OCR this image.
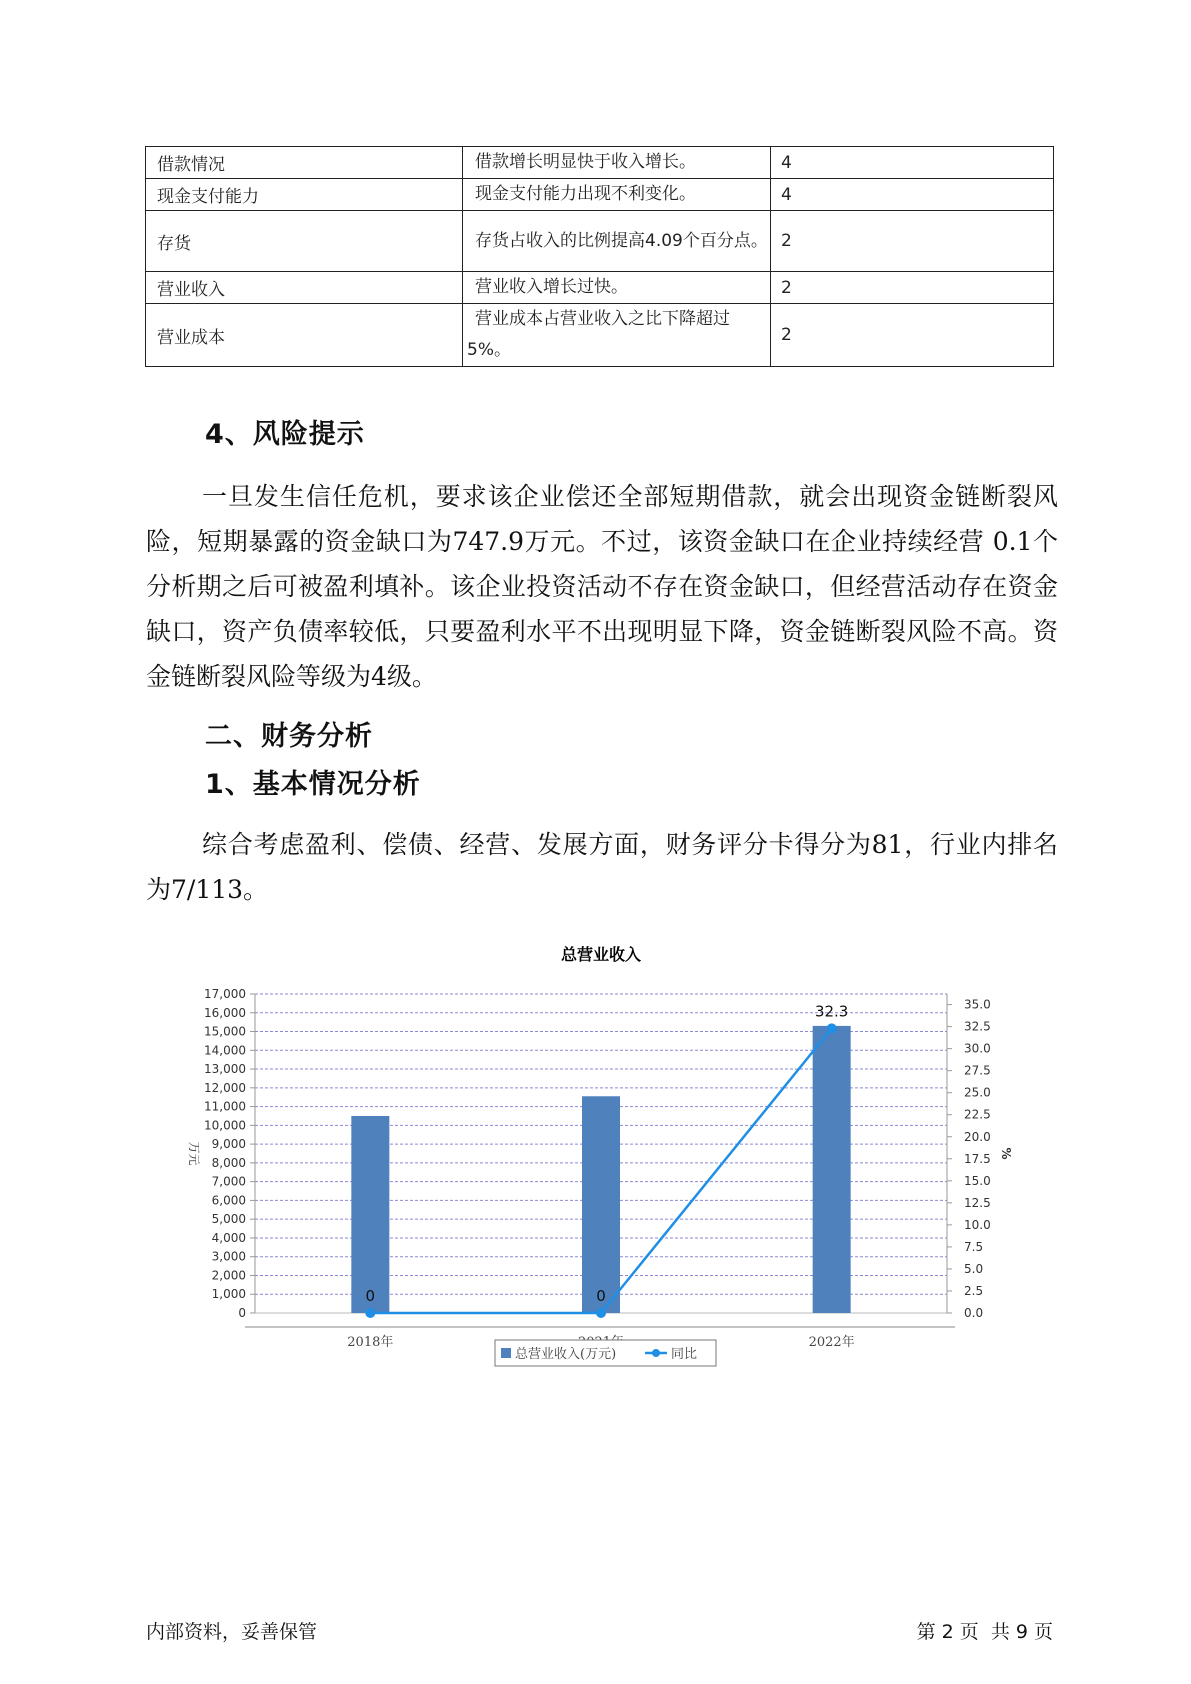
借款情况	借款增长明显快于收入增长。	4
现金支付能力	现金支付能力出现不利变化。	4
存货	存货占收入的比例提高4.09个百分点。	2
营业收入	营业收入增长过快。	2
营业成本	营业成本占营业收入之比下降超过5%。	2
4、风险提示

一旦发生信任危机，要求该企业偿还全部短期借款，就会出现资金链断裂风险，短期暴露的资金缺口为747.9万元。不过，该资金缺口在企业持续经营 0.1个分析期之后可被盈利填补。该企业投资活动不存在资金缺口，但经营活动存在资金缺口，资产负债率较低，只要盈利水平不出现明显下降，资金链断裂风险不高。资金链断裂风险等级为4级。

二、财务分析
1、基本情况分析

综合考虑盈利、偿债、经营、发展方面，财务评分卡得分为81，行业内排名为7/113。

总营业收入
0
1,000
2,000
3,000
4,000
5,000
6,000
7,000
8,000
9,000
10,000
11,000
12,000
13,000
14,000
15,000
16,000
17,000
0.0
2.5
5.0
7.5
10.0
12.5
15.0
17.5
20.0
22.5
25.0
27.5
30.0
32.5
35.0
万元	%
2018年	2022年
0	0
32.3
总营业收入(万元)	同比
内部资料，妥善保管	第 2 页  共 9 页
